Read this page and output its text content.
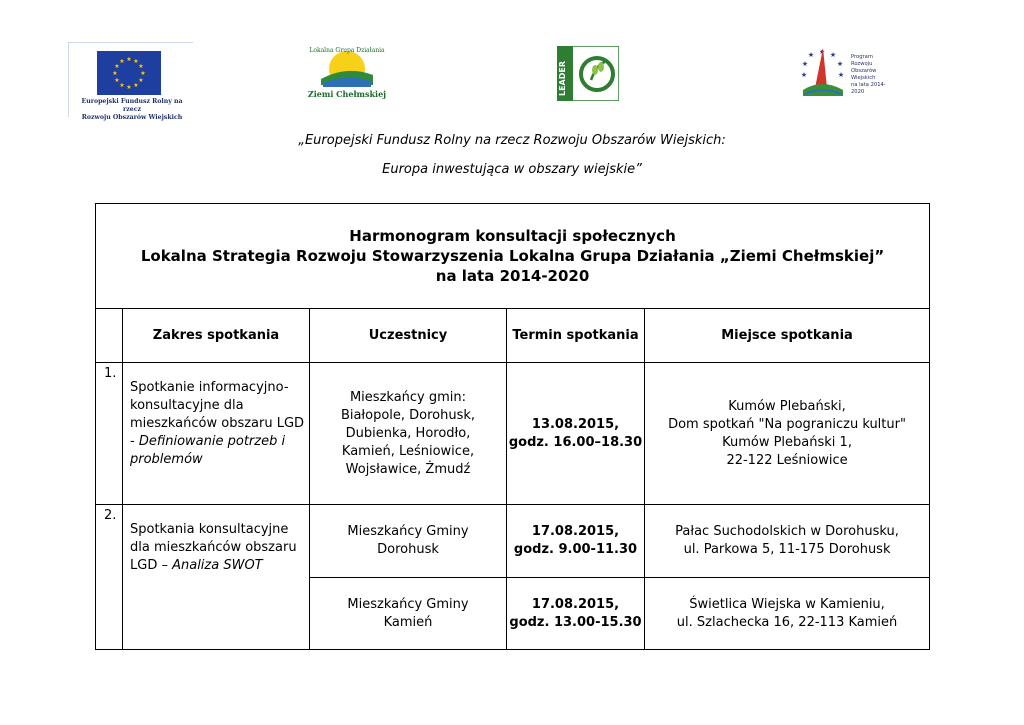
★ ★
★
★
★
★
★
★
★
★
★
★
Europejski Fundusz Rolny na rzecz
Rozwoju Obszarów Wiejskich
Lokalna Grupa Działania
Ziemi Chełmskiej	LEADER
★ ★
★
★
★
★
★	Program
Rozwoju
Obszarów
Wiejskich
na lata 2014-2020
„Europejski Fundusz Rolny na rzecz Rozwoju Obszarów Wiejskich:
Europa inwestująca w obszary wiejskie”
Harmonogram konsultacji społecznych
Lokalna Strategia Rozwoju Stowarzyszenia Lokalna Grupa Działania „Ziemi Chełmskiej”
na lata 2014-2020				

	Zakres spotkania	Uczestnicy	Termin spotkania	Miejsce spotkania
1.	Spotkanie informacyjno-konsultacyjne dla mieszkańców obszaru LGD - Definiowanie potrzeb i problemów	Mieszkańcy gmin: Białopole, Dorohusk, Dubienka, Horodło, Kamień, Leśniowice, Wojsławice, Żmudź	13.08.2015,
godz. 16.00–18.30	Kumów Plebański,
Dom spotkań "Na pograniczu kultur"
Kumów Plebański 1,
22-122 Leśniowice

2.	Spotkania konsultacyjne dla mieszkańców obszaru LGD – Analiza SWOT	Mieszkańcy Gminy Dorohusk	17.08.2015,
godz. 9.00-11.30	Pałac Suchodolskich w Dorohusku,
ul. Parkowa 5, 11-175 Dorohusk

		Mieszkańcy Gminy Kamień	17.08.2015,
godz. 13.00-15.30	Świetlica Wiejska w Kamieniu,
ul. Szlachecka 16, 22-113 Kamień
